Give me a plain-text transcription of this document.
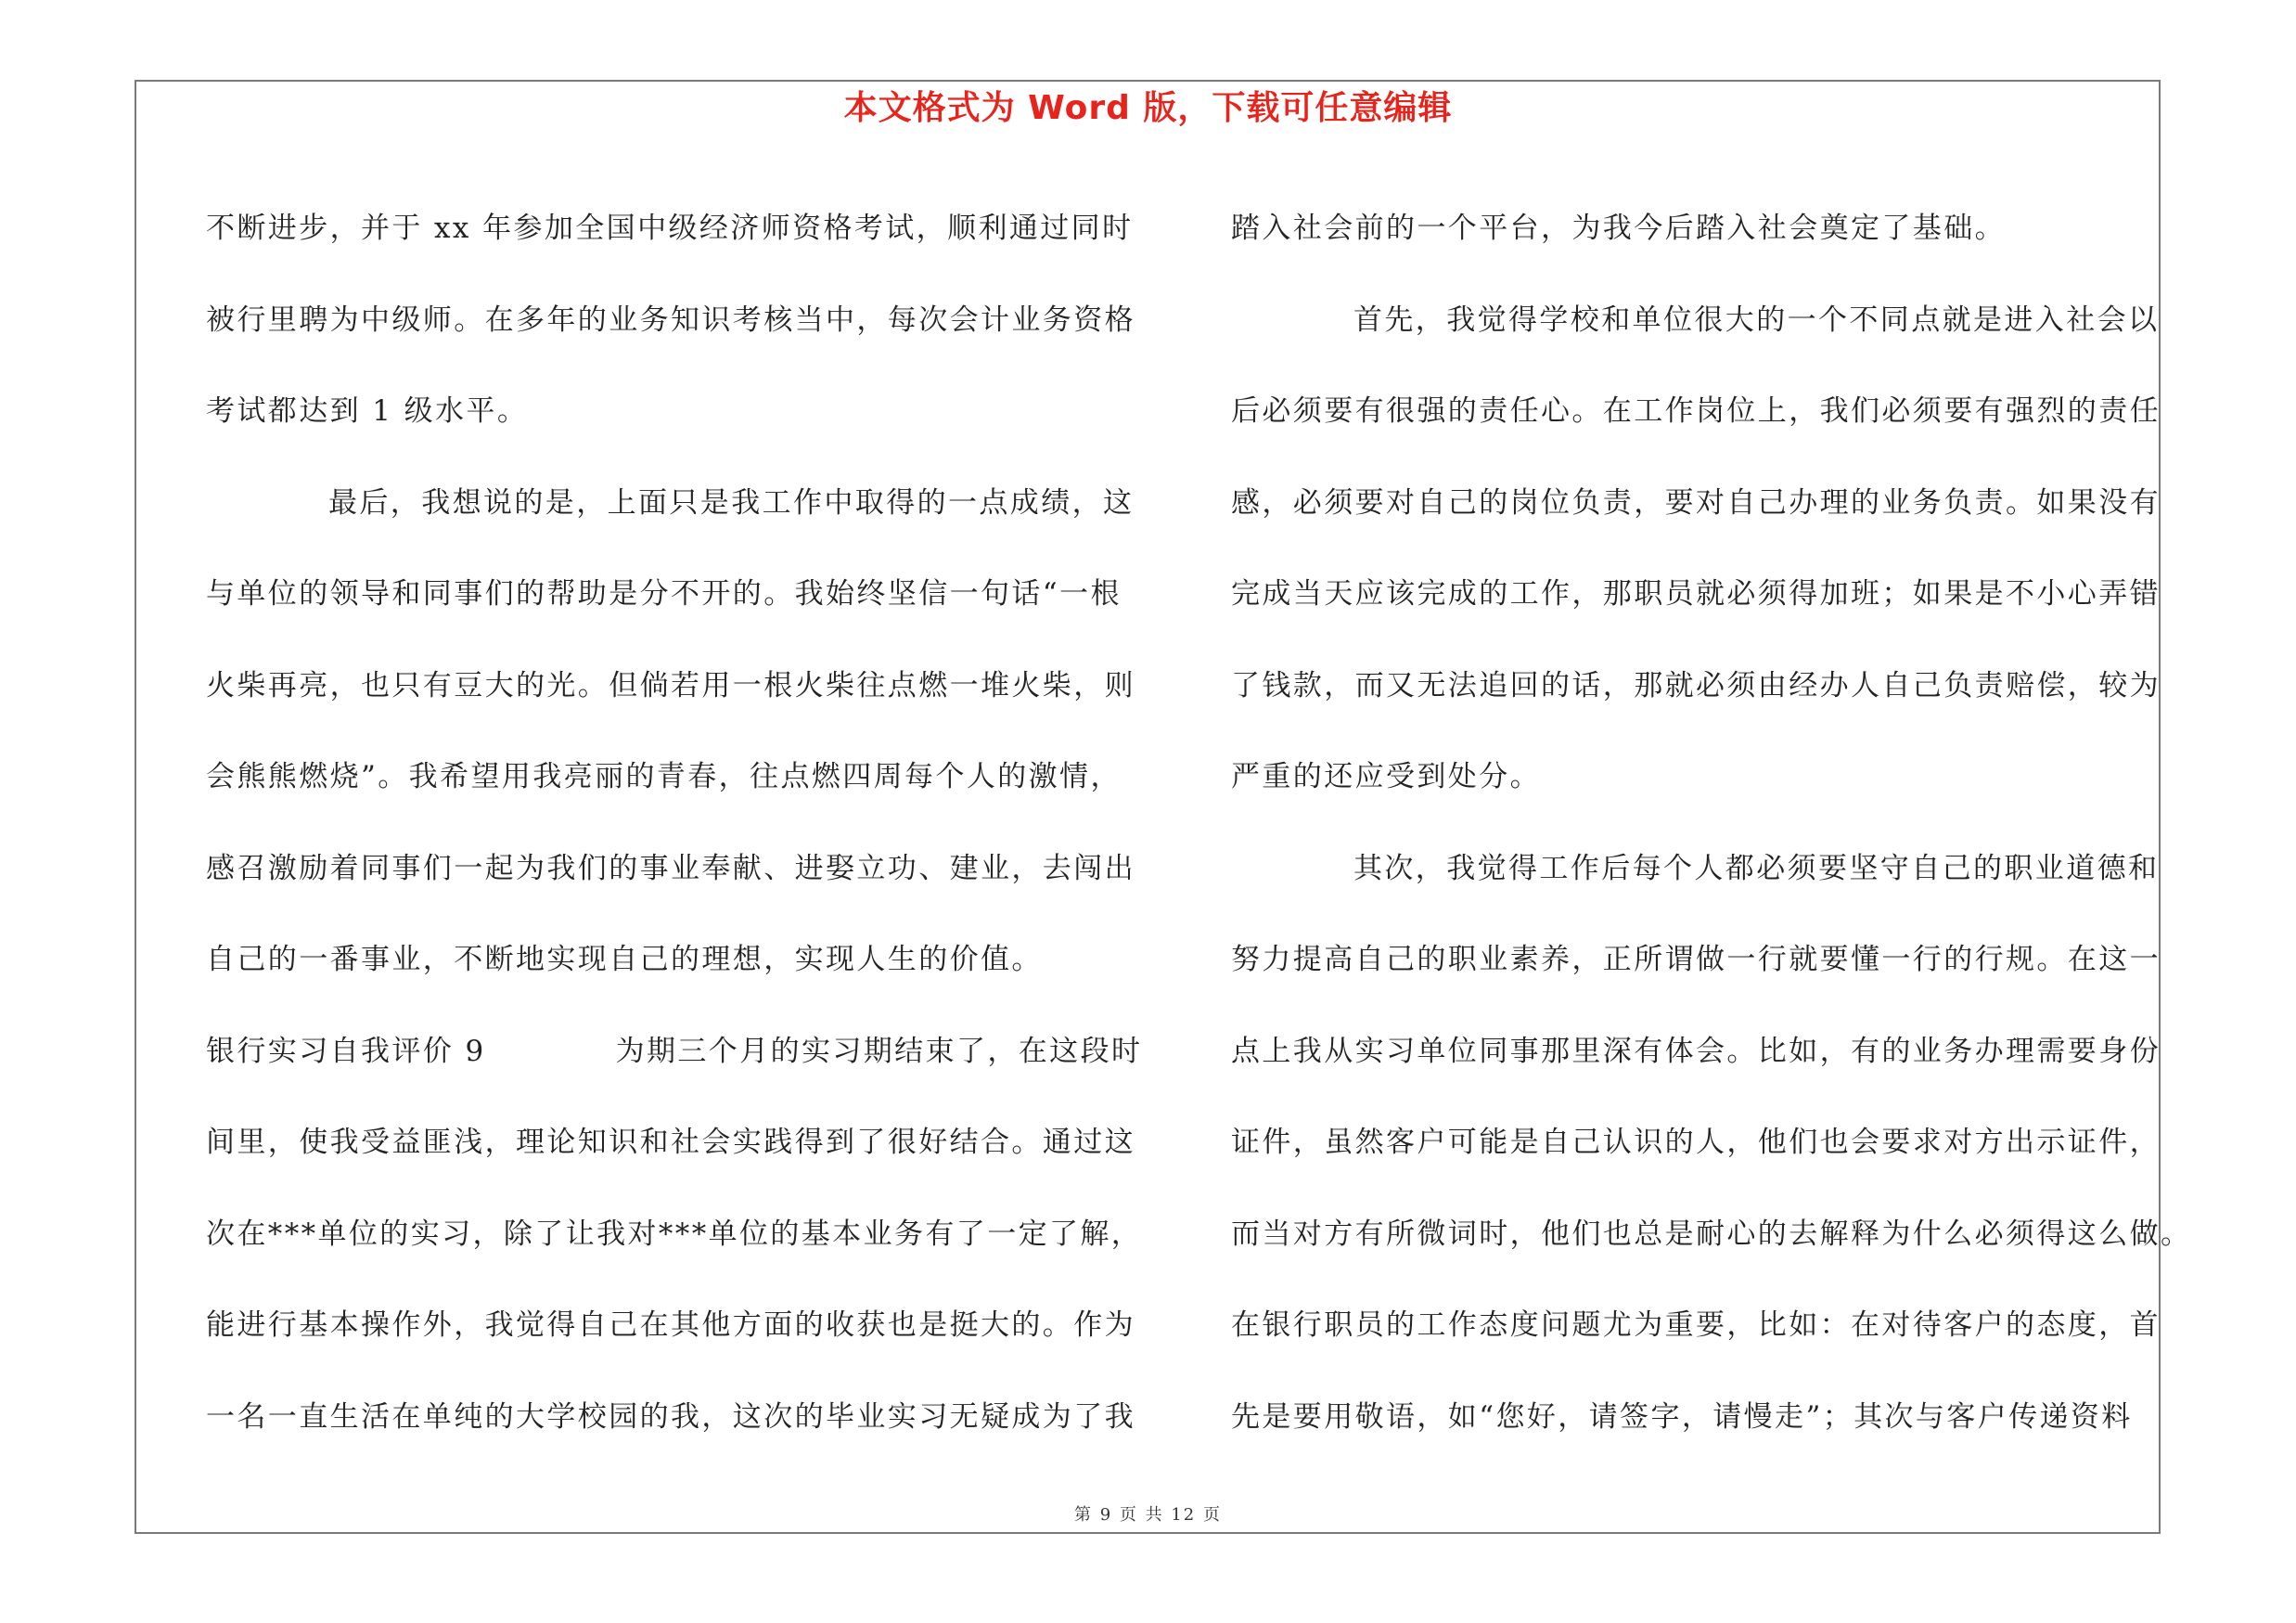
本文格式为 Word 版，下载可任意编辑
不断进步，并于 xx 年参加全国中级经济师资格考试，顺利通过同时
被行里聘为中级师。在多年的业务知识考核当中，每次会计业务资格
考试都达到 1 级水平。
最后，我想说的是，上面只是我工作中取得的一点成绩，这
与单位的领导和同事们的帮助是分不开的。我始终坚信一句话“一根
火柴再亮，也只有豆大的光。但倘若用一根火柴往点燃一堆火柴，则
会熊熊燃烧”。我希望用我亮丽的青春，往点燃四周每个人的激情，
感召激励着同事们一起为我们的事业奉献、进娶立功、建业，去闯出
自己的一番事业，不断地实现自己的理想，实现人生的价值。
银行实习自我评价 9	为期三个月的实习期结束了，在这段时
间里，使我受益匪浅，理论知识和社会实践得到了很好结合。通过这
次在***单位的实习，除了让我对***单位的基本业务有了一定了解，
能进行基本操作外，我觉得自己在其他方面的收获也是挺大的。作为
一名一直生活在单纯的大学校园的我，这次的毕业实习无疑成为了我
踏入社会前的一个平台，为我今后踏入社会奠定了基础。
首先，我觉得学校和单位很大的一个不同点就是进入社会以
后必须要有很强的责任心。在工作岗位上，我们必须要有强烈的责任
感，必须要对自己的岗位负责，要对自己办理的业务负责。如果没有
完成当天应该完成的工作，那职员就必须得加班；如果是不小心弄错
了钱款，而又无法追回的话，那就必须由经办人自己负责赔偿，较为
严重的还应受到处分。
其次，我觉得工作后每个人都必须要坚守自己的职业道德和
努力提高自己的职业素养，正所谓做一行就要懂一行的行规。在这一
点上我从实习单位同事那里深有体会。比如，有的业务办理需要身份
证件，虽然客户可能是自己认识的人，他们也会要求对方出示证件，
而当对方有所微词时，他们也总是耐心的去解释为什么必须得这么做。
在银行职员的工作态度问题尤为重要，比如：在对待客户的态度，首
先是要用敬语，如“您好，请签字，请慢走”；其次与客户传递资料
第 9 页 共 12 页
